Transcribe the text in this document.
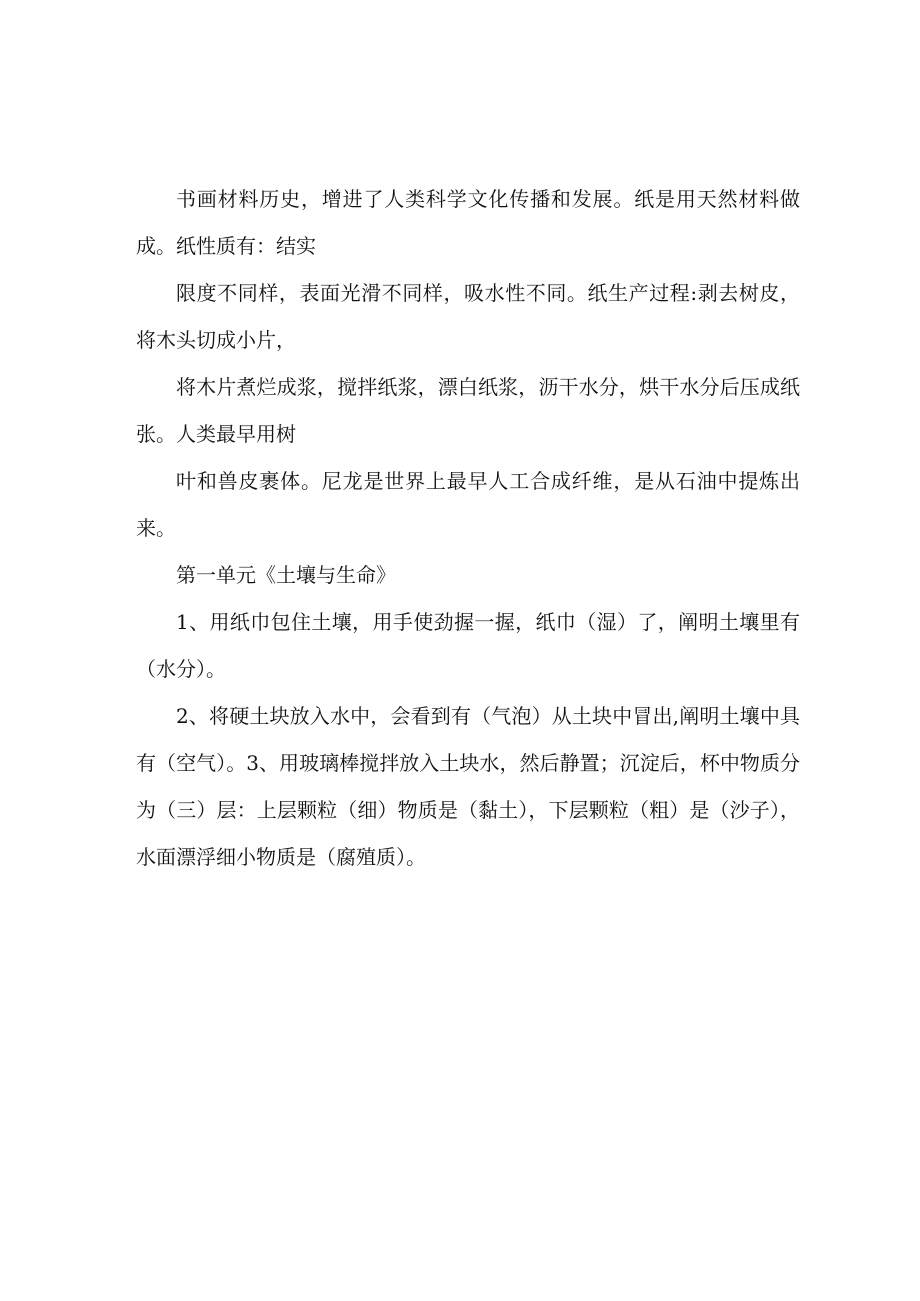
书画材料历史，增进了人类科学文化传播和发展。纸是用天然材料做成。纸性质有：结实

限度不同样，表面光滑不同样，吸水性不同。纸生产过程:剥去树皮，将木头切成小片，

将木片煮烂成浆，搅拌纸浆，漂白纸浆，沥干水分，烘干水分后压成纸张。人类最早用树

叶和兽皮裹体。尼龙是世界上最早人工合成纤维，是从石油中提炼出来。

第一单元《土壤与生命》

1、用纸巾包住土壤，用手使劲握一握，纸巾（湿）了，阐明土壤里有（水分）。

2、将硬土块放入水中，会看到有（气泡）从土块中冒出,阐明土壤中具有（空气）。3、用玻璃棒搅拌放入土块水，然后静置；沉淀后，杯中物质分为（三）层：上层颗粒（细）物质是（黏土），下层颗粒（粗）是（沙子），水面漂浮细小物质是（腐殖质）。
